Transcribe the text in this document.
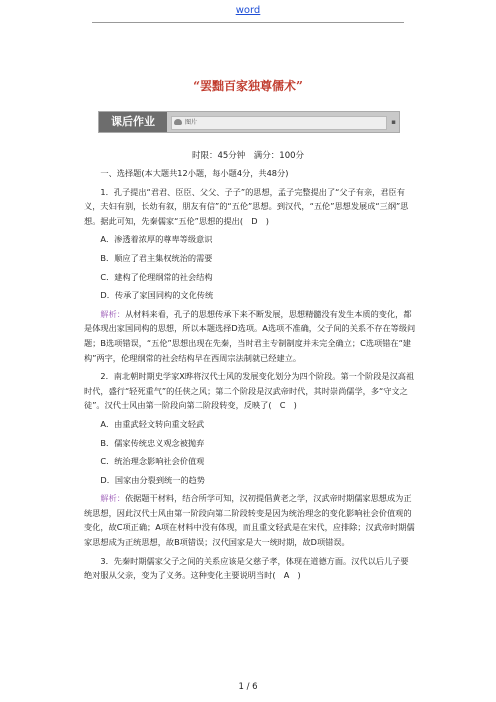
word
“罢黜百家独尊儒术”
课后作业	图片	▪
时限：45分钟　满分：100分

一、选择题(本大题共12小题，每小题4分，共48分)

1．孔子提出“君君、臣臣、父父、子子”的思想，孟子完整提出了“父子有亲，君臣有义，夫妇有别，长幼有叙，朋友有信”的“五伦”思想。到汉代，“五伦”思想发展成“三纲”思想。据此可知，先秦儒家“五伦”思想的提出(　D　)

A．渗透着浓厚的尊卑等级意识

B．顺应了君主集权统治的需要

C．建构了伦理纲常的社会结构

D．传承了家国同构的文化传统

解析：从材料来看，孔子的思想传承下来不断发展，思想精髓没有发生本质的变化，都是体现出家国同构的思想，所以本题选择D选项。A选项不准确，父子间的关系不存在等级问题；B选项错误，“五伦”思想出现在先秦，当时君主专制制度并未完全确立；C选项错在“建构”两字，伦理纲常的社会结构早在西周宗法制就已经建立。

2．南北朝时期史学家X晔将汉代士风的发展变化划分为四个阶段。第一个阶段是汉高祖时代，盛行“轻死重气”的任侠之风；第二个阶段是汉武帝时代，其时崇尚儒学，多“守文之徒”。汉代士风由第一阶段向第二阶段转变，反映了(　C　)

A．由重武轻文转向重文轻武

B．儒家传统忠义观念被抛弃

C．统治理念影响社会价值观

D．国家由分裂到统一的趋势

解析：依据题干材料，结合所学可知，汉初提倡黄老之学，汉武帝时期儒家思想成为正统思想，因此汉代士风由第一阶段向第二阶段转变是因为统治理念的变化影响社会价值观的变化，故C项正确；A项在材料中没有体现，而且重文轻武是在宋代，应排除；汉武帝时期儒家思想成为正统思想，故B项错误；汉代国家是大一统时期，故D项错误。

3．先秦时期儒家父子之间的关系应该是父慈子孝，体现在道德方面。汉代以后儿子要绝对服从父亲，变为了义务。这种变化主要说明当时(　A　)

1 / 6
